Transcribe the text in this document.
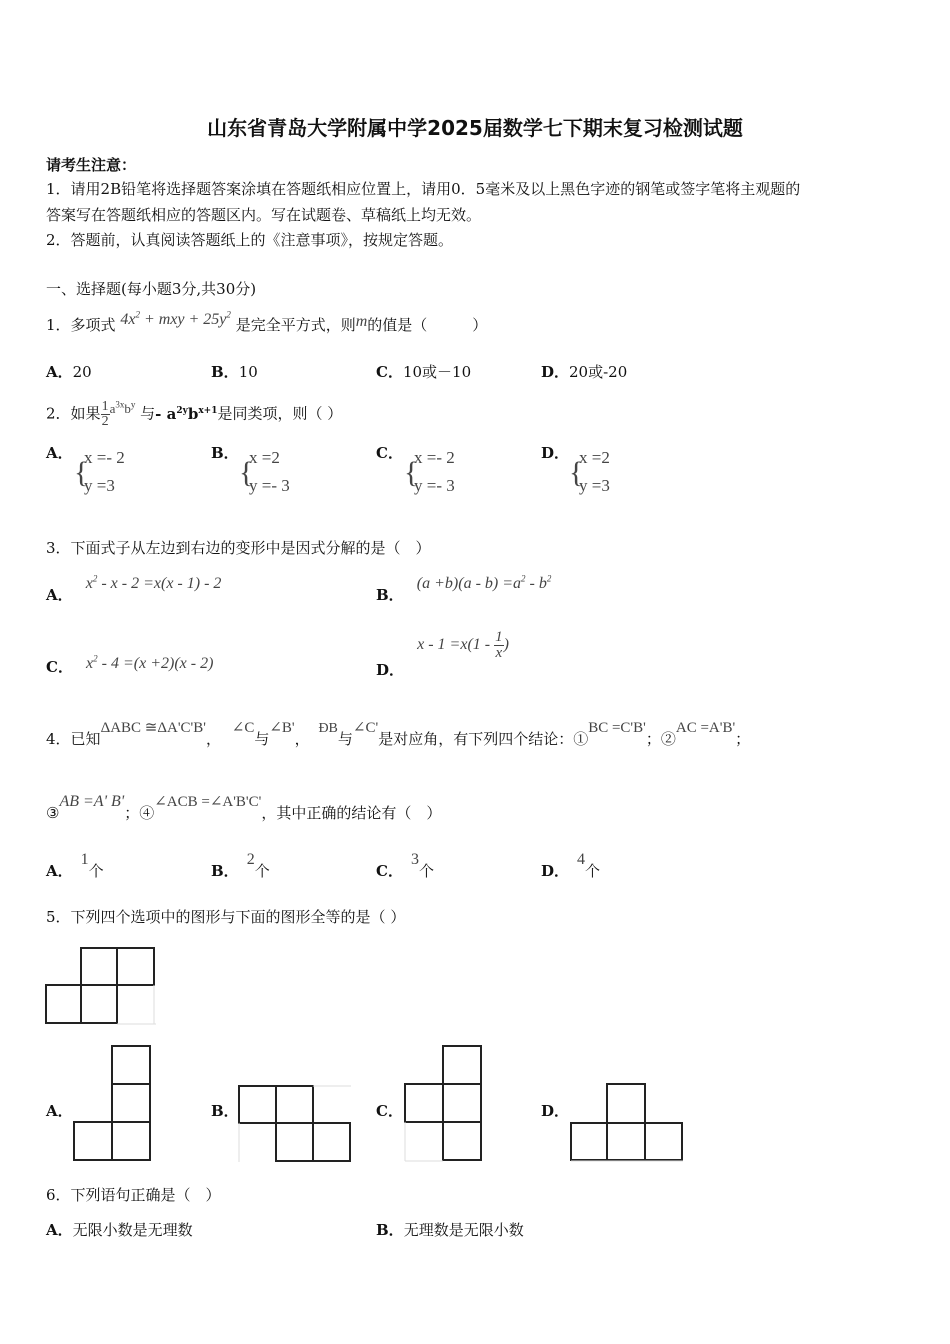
山东省青岛大学附属中学2025届数学七下期末复习检测试题
请考生注意：
1．请用2B铅笔将选择题答案涂填在答题纸相应位置上，请用0．5毫米及以上黑色字迹的钢笔或签字笔将主观题的
答案写在答题纸相应的答题区内。写在试题卷、草稿纸上均无效。
2．答题前，认真阅读答题纸上的《注意事项》，按规定答题。
一、选择题(每小题3分,共30分)
1．多项式 $4x^2$ + mxy + $25y^2$ 是完全平方式，则m的值是（　　　）
A．20	B．10	C．10或－10	D．20或-20
2．如果 $\frac{1}{2} a^{3x}b^y$ 与- $a^{2y}b^{x+1}$是同类项，则（ ）
A．
{
x =- 2
y =3
B．
{
x =2
y =- 3
C．
{
x =- 2
y =- 3
D．
{
x =2
y =3
3．下面式子从左边到右边的变形中是因式分解的是（　）
A． $x^2 - x - 2 =x(x - 1) - 2$
B． $(a +b)(a - b) =a^2 - b^2$
C． $x^2 - 4 =(x +2)(x - 2)$	D． $x - 1 =x(1 - \frac{1}{x}$ )
4．已知ΔABC ≅ΔA'C'B'， ∠C与∠B'， ÐB与∠C'是对应角，有下列四个结论：①BC =C'B'；②AC =A'B'；
③AB =A' B'；④∠ACB =∠A'B'C'，其中正确的结论有（　）
A．1个	B．2个	C．3个	D．4个
5．下列四个选项中的图形与下面的图形全等的是（ ）
A．	B．	C．	D．
6．下列语句正确是（　）
A．无限小数是无理数	B．无理数是无限小数
